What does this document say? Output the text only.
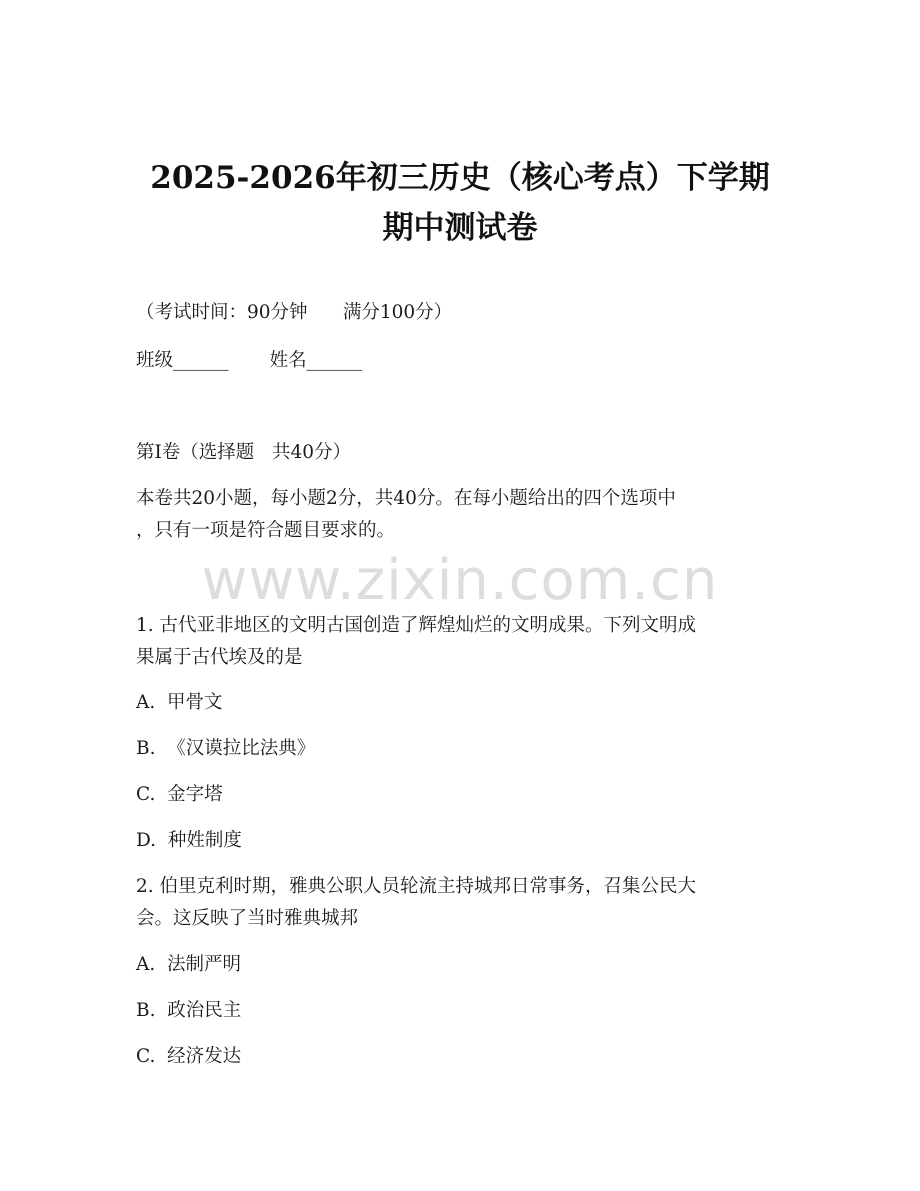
2025-2026年初三历史（核心考点）下学期
期中测试卷
（考试时间：90分钟      满分100分）
班级______       姓名______
第Ⅰ卷（选择题   共40分）
本卷共20小题，每小题2分，共40分。在每小题给出的四个选项中
，只有一项是符合题目要求的。
www.zixin.com.cn
1. 古代亚非地区的文明古国创造了辉煌灿烂的文明成果。下列文明成
果属于古代埃及的是
A.  甲骨文
B.  《汉谟拉比法典》
C.  金字塔
D.  种姓制度
2. 伯里克利时期，雅典公职人员轮流主持城邦日常事务，召集公民大
会。这反映了当时雅典城邦
A.  法制严明
B.  政治民主
C.  经济发达
